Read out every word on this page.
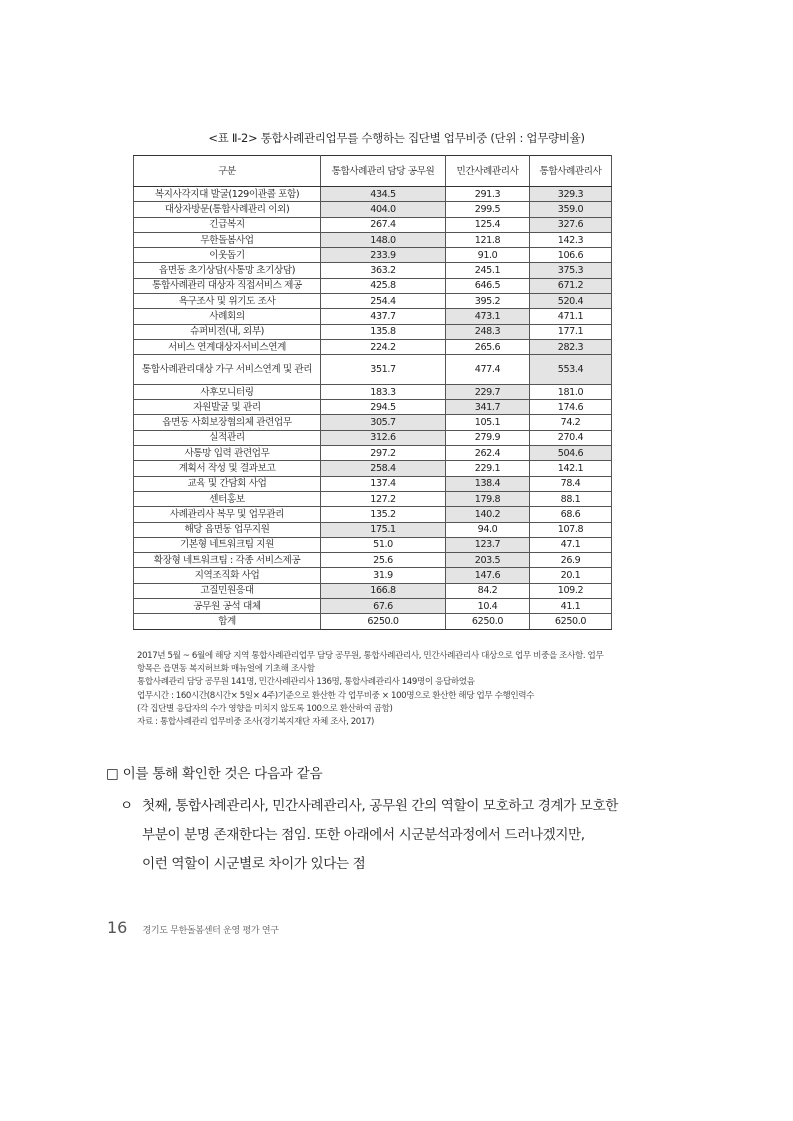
<표 Ⅱ-2> 통합사례관리업무를 수행하는 집단별 업무비중 (단위 : 업무량비율)
구분	통합사례관리 담당 공무원	민간사례관리사	통합사례관리사
복지사각지대 발굴(129이관콜 포함)	434.5	291.3	329.3
대상자방문(통합사례관리 이외)	404.0	299.5	359.0
긴급복지	267.4	125.4	327.6
무한돌봄사업	148.0	121.8	142.3
이웃돕기	233.9	91.0	106.6
읍면동 초기상담(사통망 초기상담)	363.2	245.1	375.3
통합사례관리 대상자 직접서비스 제공	425.8	646.5	671.2
욕구조사 및 위기도 조사	254.4	395.2	520.4
사례회의	437.7	473.1	471.1
슈퍼비전(내, 외부)	135.8	248.3	177.1
서비스 연계대상자서비스연계	224.2	265.6	282.3
통합사례관리대상 가구 서비스연계 및 관리	351.7	477.4	553.4
사후모니터링	183.3	229.7	181.0
자원발굴 및 관리	294.5	341.7	174.6
읍면동 사회보장협의체 관련업무	305.7	105.1	74.2
실적관리	312.6	279.9	270.4
사통망 입력 관련업무	297.2	262.4	504.6
계획서 작성 및 결과보고	258.4	229.1	142.1
교육 및 간담회 사업	137.4	138.4	78.4
센터홍보	127.2	179.8	88.1
사례관리사 복무 및 업무관리	135.2	140.2	68.6
해당 읍면동 업무지원	175.1	94.0	107.8
기본형 네트워크팀 지원	51.0	123.7	47.1
확장형 네트워크팀 : 각종 서비스제공	25.6	203.5	26.9
지역조직화 사업	31.9	147.6	20.1
고질민원응대	166.8	84.2	109.2
공무원 공석 대체	67.6	10.4	41.1
합계	6250.0	6250.0	6250.0
2017년 5월 ~ 6월에 해당 지역 통합사례관리업무 담당 공무원, 통합사례관리사, 민간사례관리사 대상으로 업무 비중을 조사함. 업무항목은 읍면동 복지허브화 매뉴얼에 기초해 조사함
통합사례관리 담당 공무원 141명, 민간사례관리사 136명, 통합사례관리사 149명이 응답하였음
업무시간 : 160시간(8시간× 5일× 4주)기준으로 환산한 각 업무비중 × 100명으로 환산한 해당 업무 수행인력수
(각 집단별 응답자의 수가 영향을 미치지 않도록 100으로 환산하여 곱함)
자료 : 통합사례관리 업무비중 조사(경기복지재단 자체 조사, 2017)
□ 이를 통해 확인한 것은 다음과 같음
ㅇ 첫째, 통합사례관리사, 민간사례관리사, 공무원 간의 역할이 모호하고 경계가 모호한
부분이 분명 존재한다는 점임. 또한 아래에서 시군분석과정에서 드러나겠지만,
이런 역할이 시군별로 차이가 있다는 점
16 경기도 무한돌봄센터 운영 평가 연구
